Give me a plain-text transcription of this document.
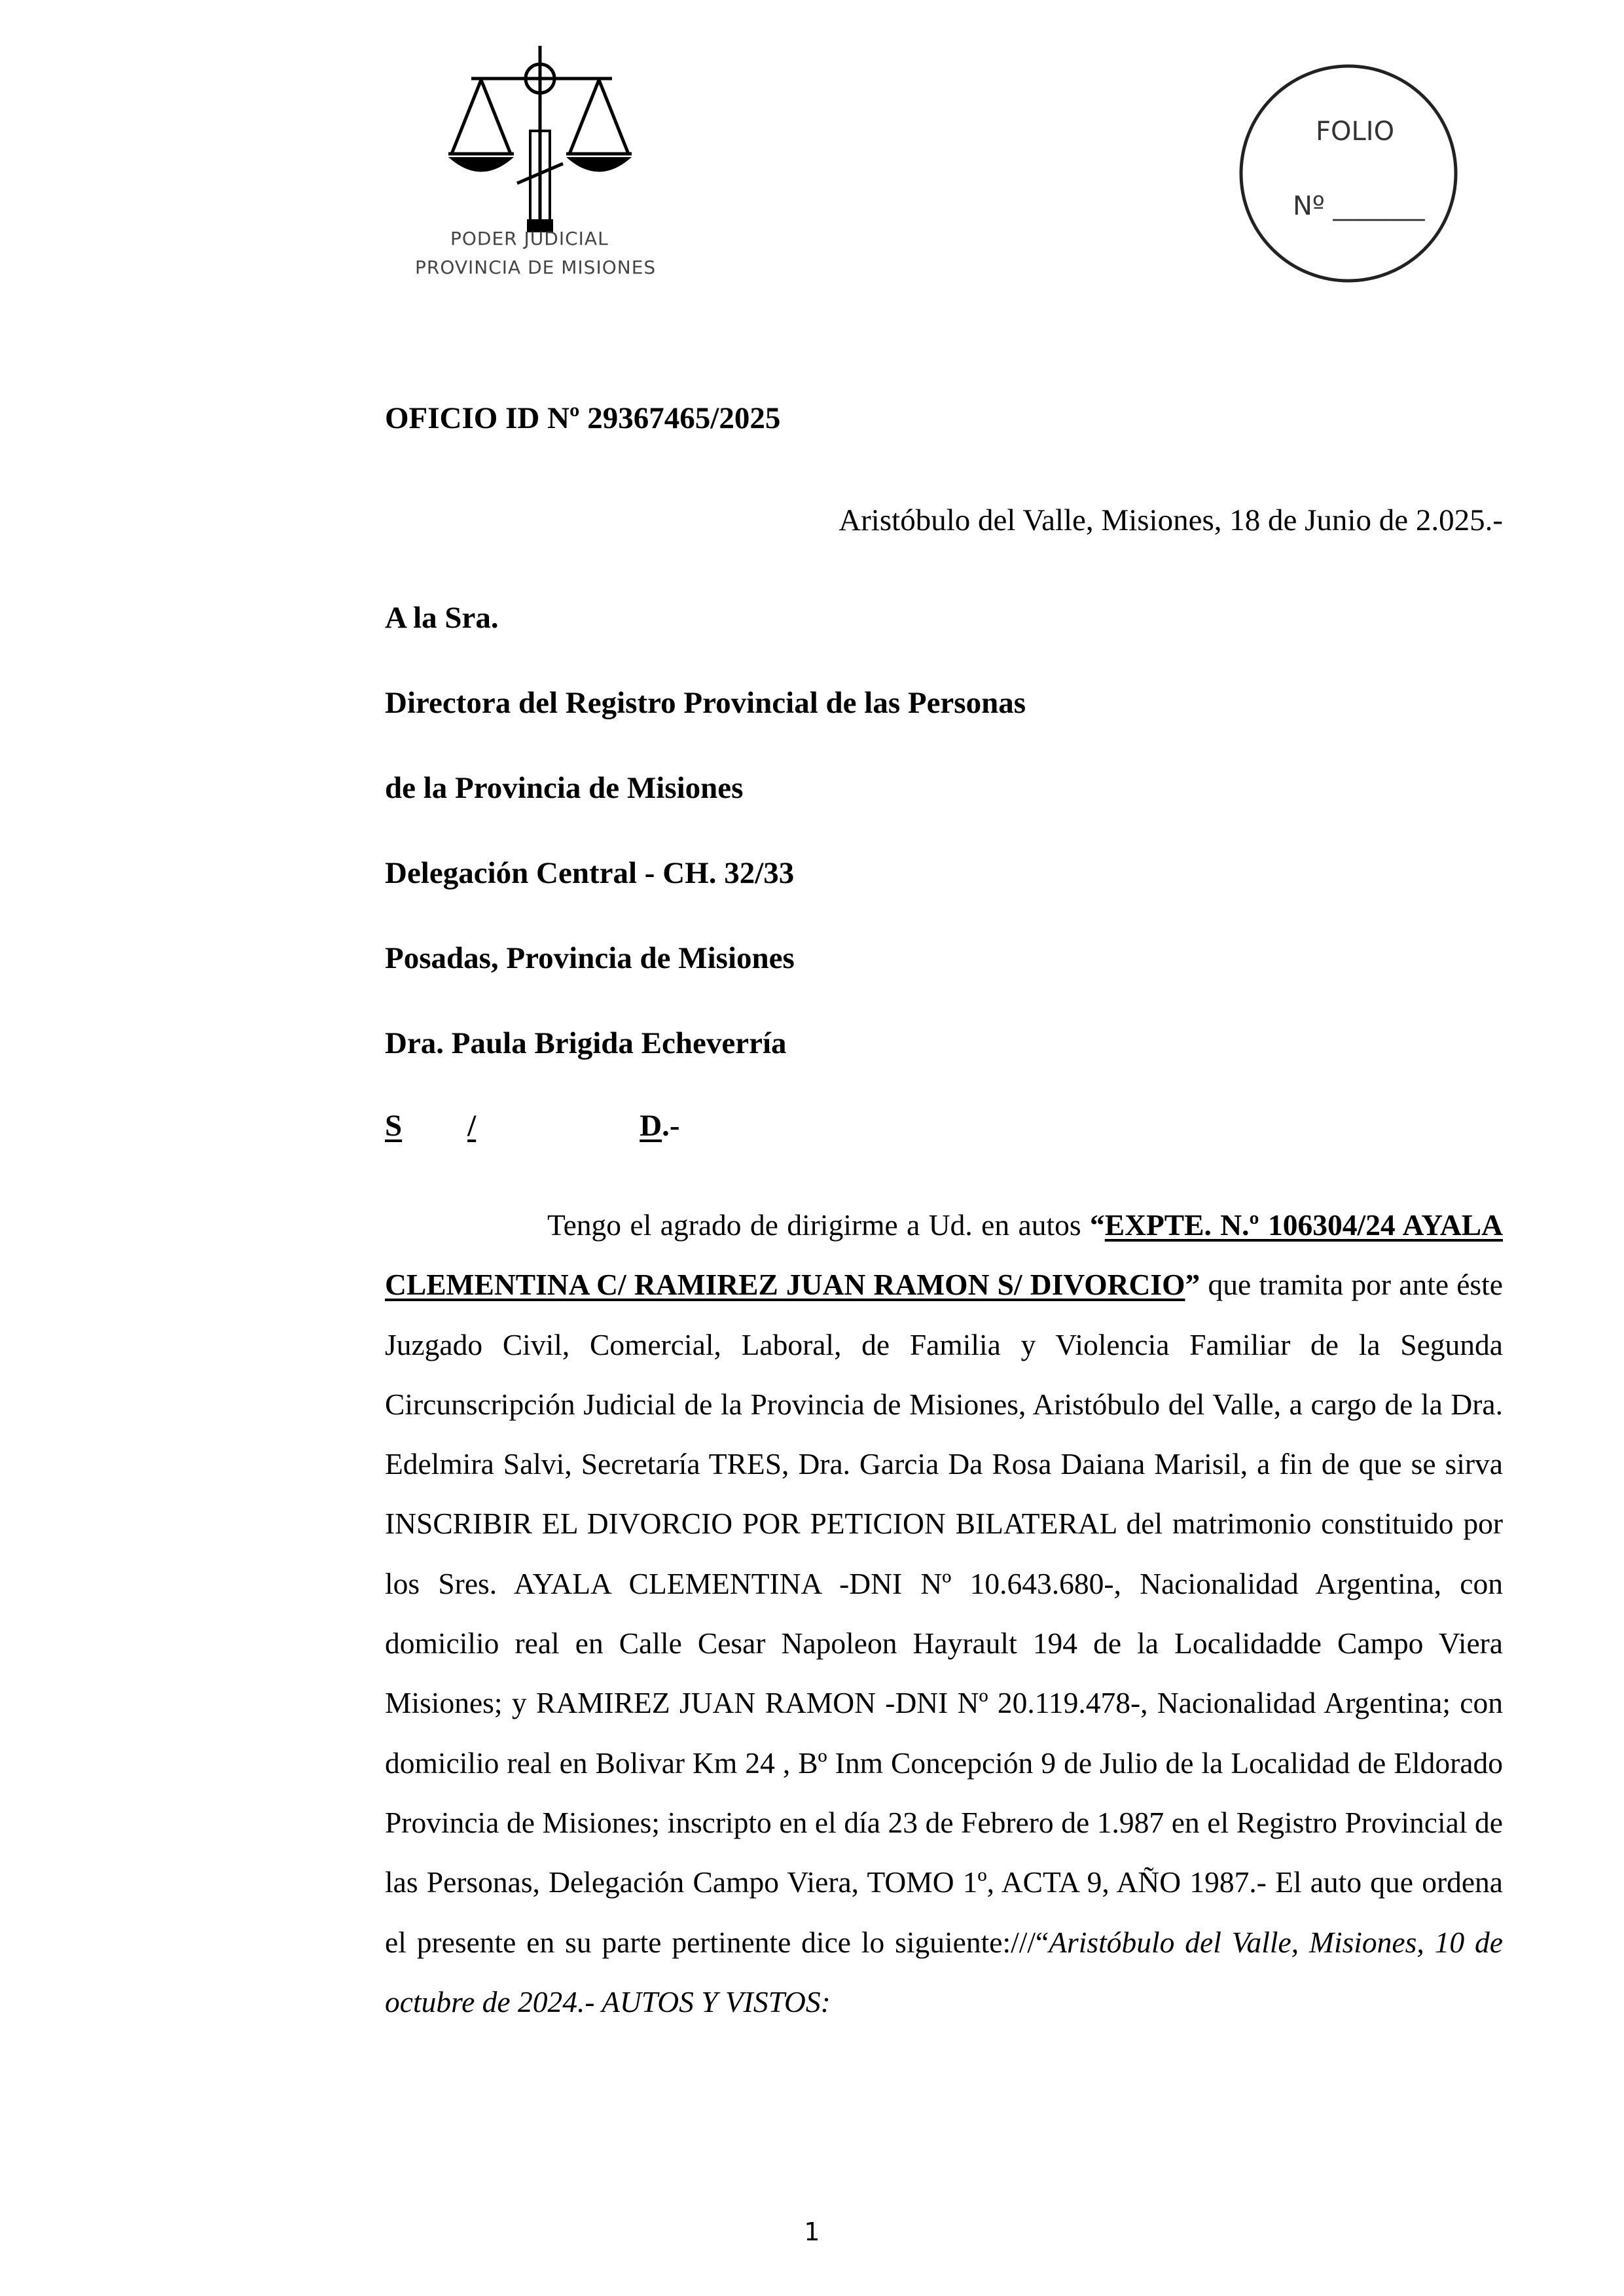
PODER JUDICIAL
PROVINCIA DE MISIONES
FOLIO
Nº _______
OFICIO ID Nº 29367465/2025
Aristóbulo del Valle, Misiones, 18 de Junio de 2.025.-
A la Sra.
Directora del Registro Provincial de las Personas
de la Provincia de Misiones
Delegación Central - CH. 32/33
Posadas, Provincia de Misiones
Dra. Paula Brigida Echeverría
S /	D.-
Tengo el agrado de dirigirme a Ud. en autos “EXPTE. N.º 106304/24 AYALA CLEMENTINA C/ RAMIREZ JUAN RAMON S/ DIVORCIO” que tramita por ante éste Juzgado Civil, Comercial, Laboral, de Familia y Violencia Familiar de la Segunda Circunscripción Judicial de la Provincia de Misiones, Aristóbulo del Valle, a cargo de la Dra. Edelmira Salvi, Secretaría TRES, Dra. Garcia Da Rosa Daiana Marisil, a fin de que se sirva INSCRIBIR EL DIVORCIO POR PETICION BILATERAL del matrimonio constituido por los Sres. AYALA CLEMENTINA -DNI Nº 10.643.680-, Nacionalidad Argentina, con domicilio real en Calle Cesar Napoleon Hayrault 194 de la Localidadde Campo Viera Misiones; y RAMIREZ JUAN RAMON -DNI Nº 20.119.478-, Nacionalidad Argentina; con domicilio real en Bolivar Km 24 , Bº Inm Concepción 9 de Julio de la Localidad de Eldorado Provincia de Misiones; inscripto en el día 23 de Febrero de 1.987 en el Registro Provincial de las Personas, Delegación Campo Viera, TOMO 1º, ACTA 9, AÑO 1987.- El auto que ordena el presente en su parte pertinente dice lo siguiente:///“Aristóbulo del Valle, Misiones, 10 de octubre de 2024.- AUTOS Y VISTOS:
1
